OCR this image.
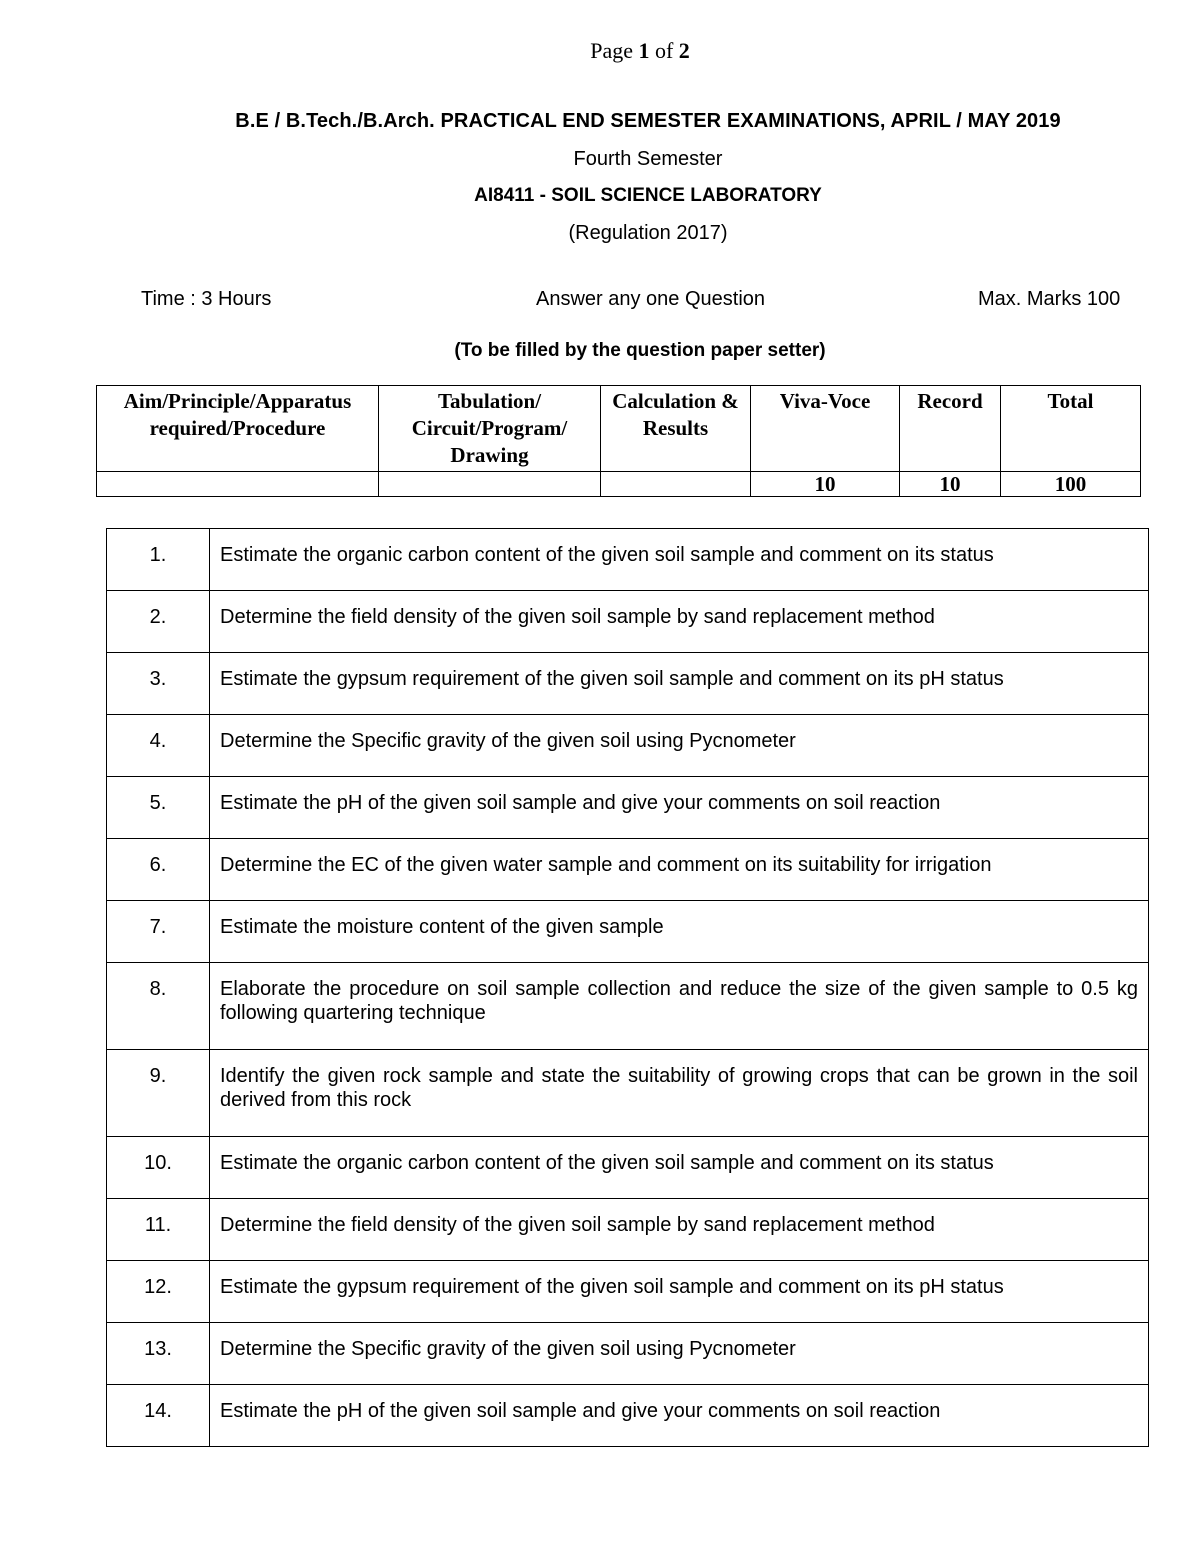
Page 1 of 2
B.E / B.Tech./B.Arch. PRACTICAL END SEMESTER EXAMINATIONS, APRIL / MAY 2019
Fourth Semester
AI8411 - SOIL SCIENCE LABORATORY
(Regulation 2017)
Time : 3 Hours	Answer any one Question	Max. Marks 100
(To be filled by the question paper setter)
Aim/Principle/Apparatus required/Procedure	Tabulation/ Circuit/Program/ Drawing	Calculation & Results	Viva-Voce	Record	Total
			10	10	100
1.	Estimate the organic carbon content of the given soil sample and comment on its status
2.	Determine the field density of the given soil sample by sand replacement method
3.	Estimate the gypsum requirement of the given soil sample and comment on its pH status
4.	Determine the Specific gravity of the given soil using Pycnometer
5.	Estimate the pH of the given soil sample and give your comments on soil reaction
6.	Determine the EC of the given water sample and comment on its suitability for irrigation
7.	Estimate the moisture content of the given sample
8.	Elaborate the procedure on soil sample collection and reduce the size of the given sample to 0.5 kg following quartering technique
9.	Identify the given rock sample and state the suitability of growing crops that can be grown in the soil derived from this rock
10.	Estimate the organic carbon content of the given soil sample and comment on its status
11.	Determine the field density of the given soil sample by sand replacement method
12.	Estimate the gypsum requirement of the given soil sample and comment on its pH status
13.	Determine the Specific gravity of the given soil using Pycnometer
14.	Estimate the pH of the given soil sample and give your comments on soil reaction
